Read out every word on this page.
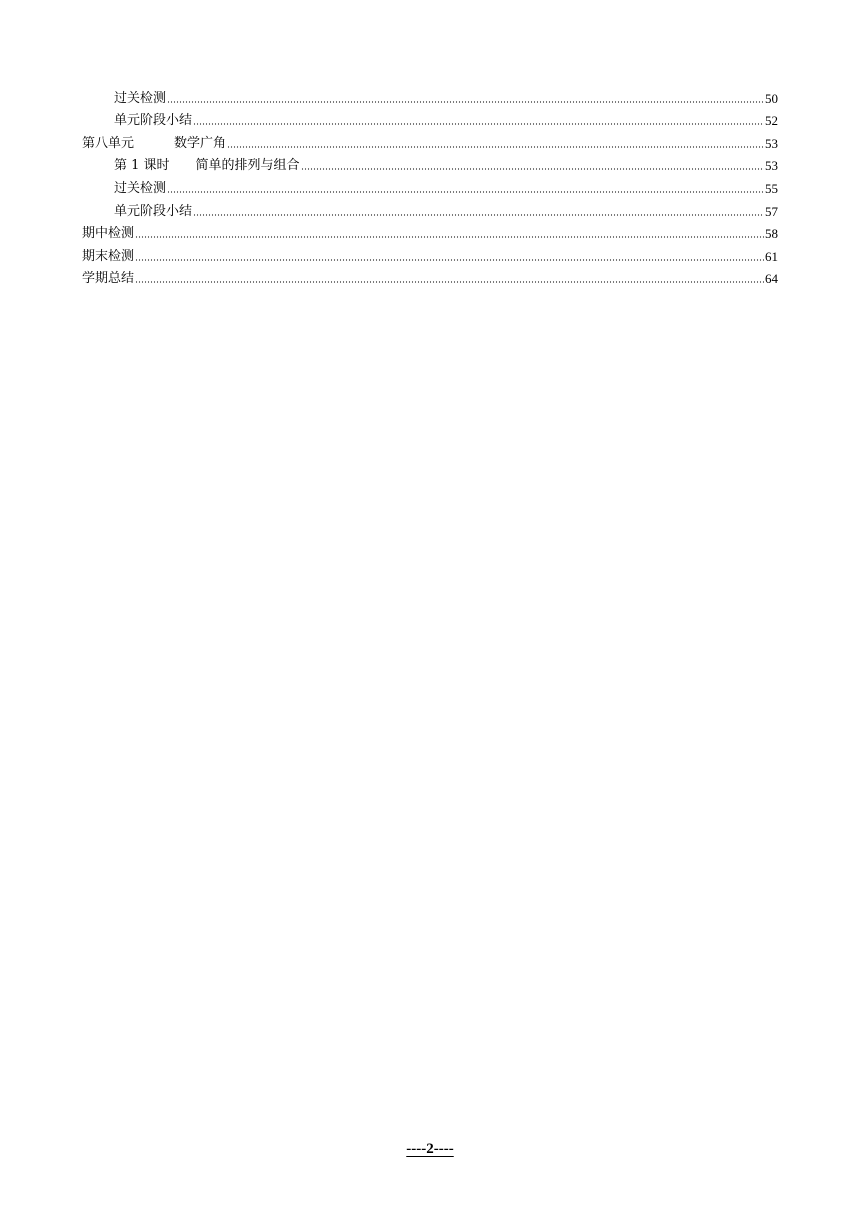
过关检测	50
单元阶段小结	52
第八单元	数学广角	53
第 1 课时 简单的排列与组合	53
过关检测	55
单元阶段小结	57
期中检测	58
期末检测	61
学期总结	64
----2----
